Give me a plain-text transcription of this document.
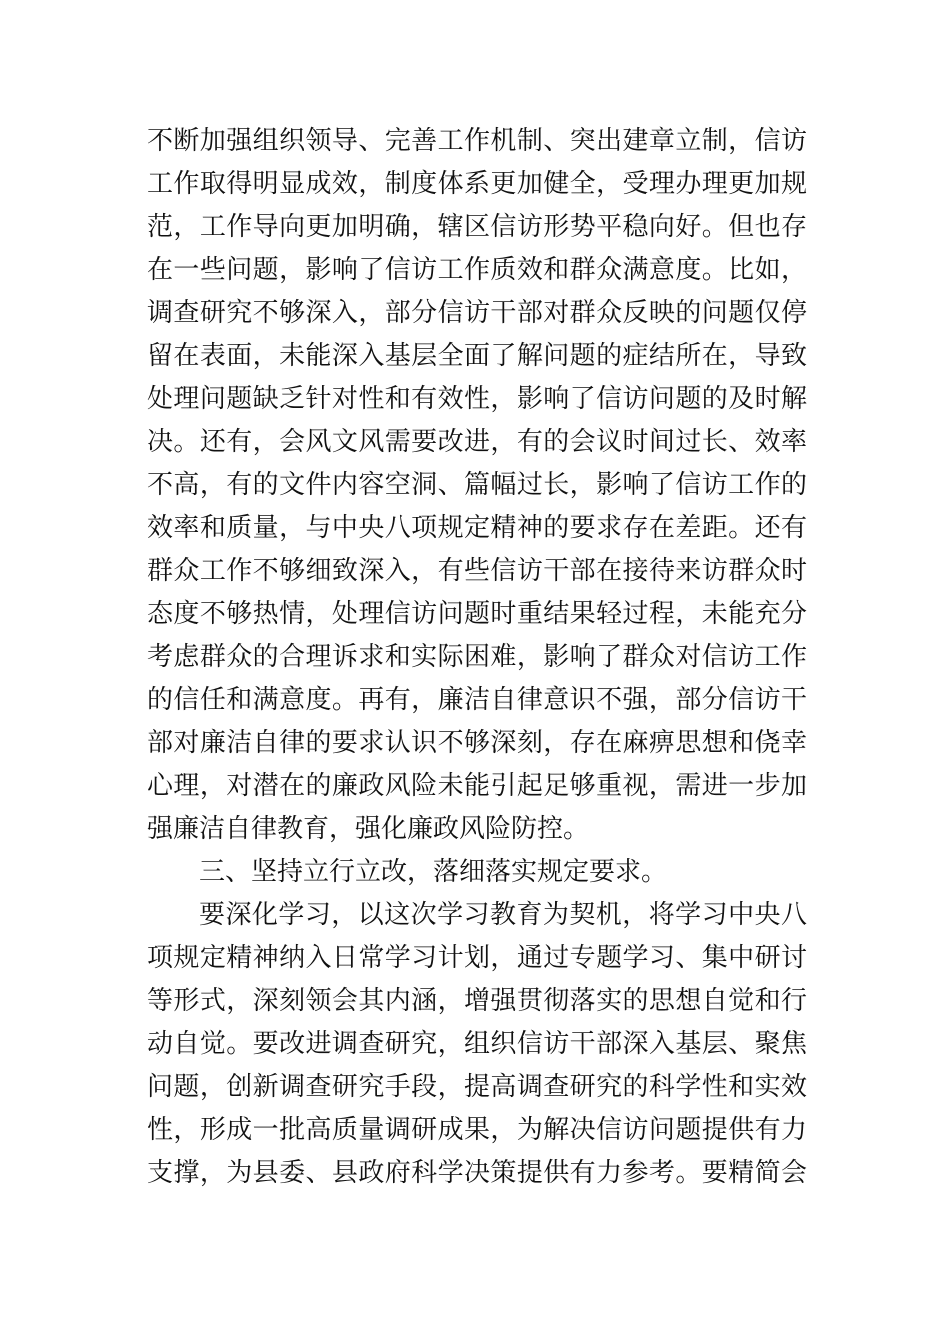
不断加强组织领导、完善工作机制、突出建章立制，信访
工作取得明显成效，制度体系更加健全，受理办理更加规
范，工作导向更加明确，辖区信访形势平稳向好。但也存
在一些问题，影响了信访工作质效和群众满意度。比如，
调查研究不够深入，部分信访干部对群众反映的问题仅停
留在表面，未能深入基层全面了解问题的症结所在，导致
处理问题缺乏针对性和有效性，影响了信访问题的及时解
决。还有，会风文风需要改进，有的会议时间过长、效率
不高，有的文件内容空洞、篇幅过长，影响了信访工作的
效率和质量，与中央八项规定精神的要求存在差距。还有
群众工作不够细致深入，有些信访干部在接待来访群众时
态度不够热情，处理信访问题时重结果轻过程，未能充分
考虑群众的合理诉求和实际困难，影响了群众对信访工作
的信任和满意度。再有，廉洁自律意识不强，部分信访干
部对廉洁自律的要求认识不够深刻，存在麻痹思想和侥幸
心理，对潜在的廉政风险未能引起足够重视，需进一步加
强廉洁自律教育，强化廉政风险防控。
三、坚持立行立改，落细落实规定要求。
要深化学习，以这次学习教育为契机，将学习中央八
项规定精神纳入日常学习计划，通过专题学习、集中研讨
等形式，深刻领会其内涵，增强贯彻落实的思想自觉和行
动自觉。要改进调查研究，组织信访干部深入基层、聚焦
问题，创新调查研究手段，提高调查研究的科学性和实效
性，形成一批高质量调研成果，为解决信访问题提供有力
支撑，为县委、县政府科学决策提供有力参考。要精简会
